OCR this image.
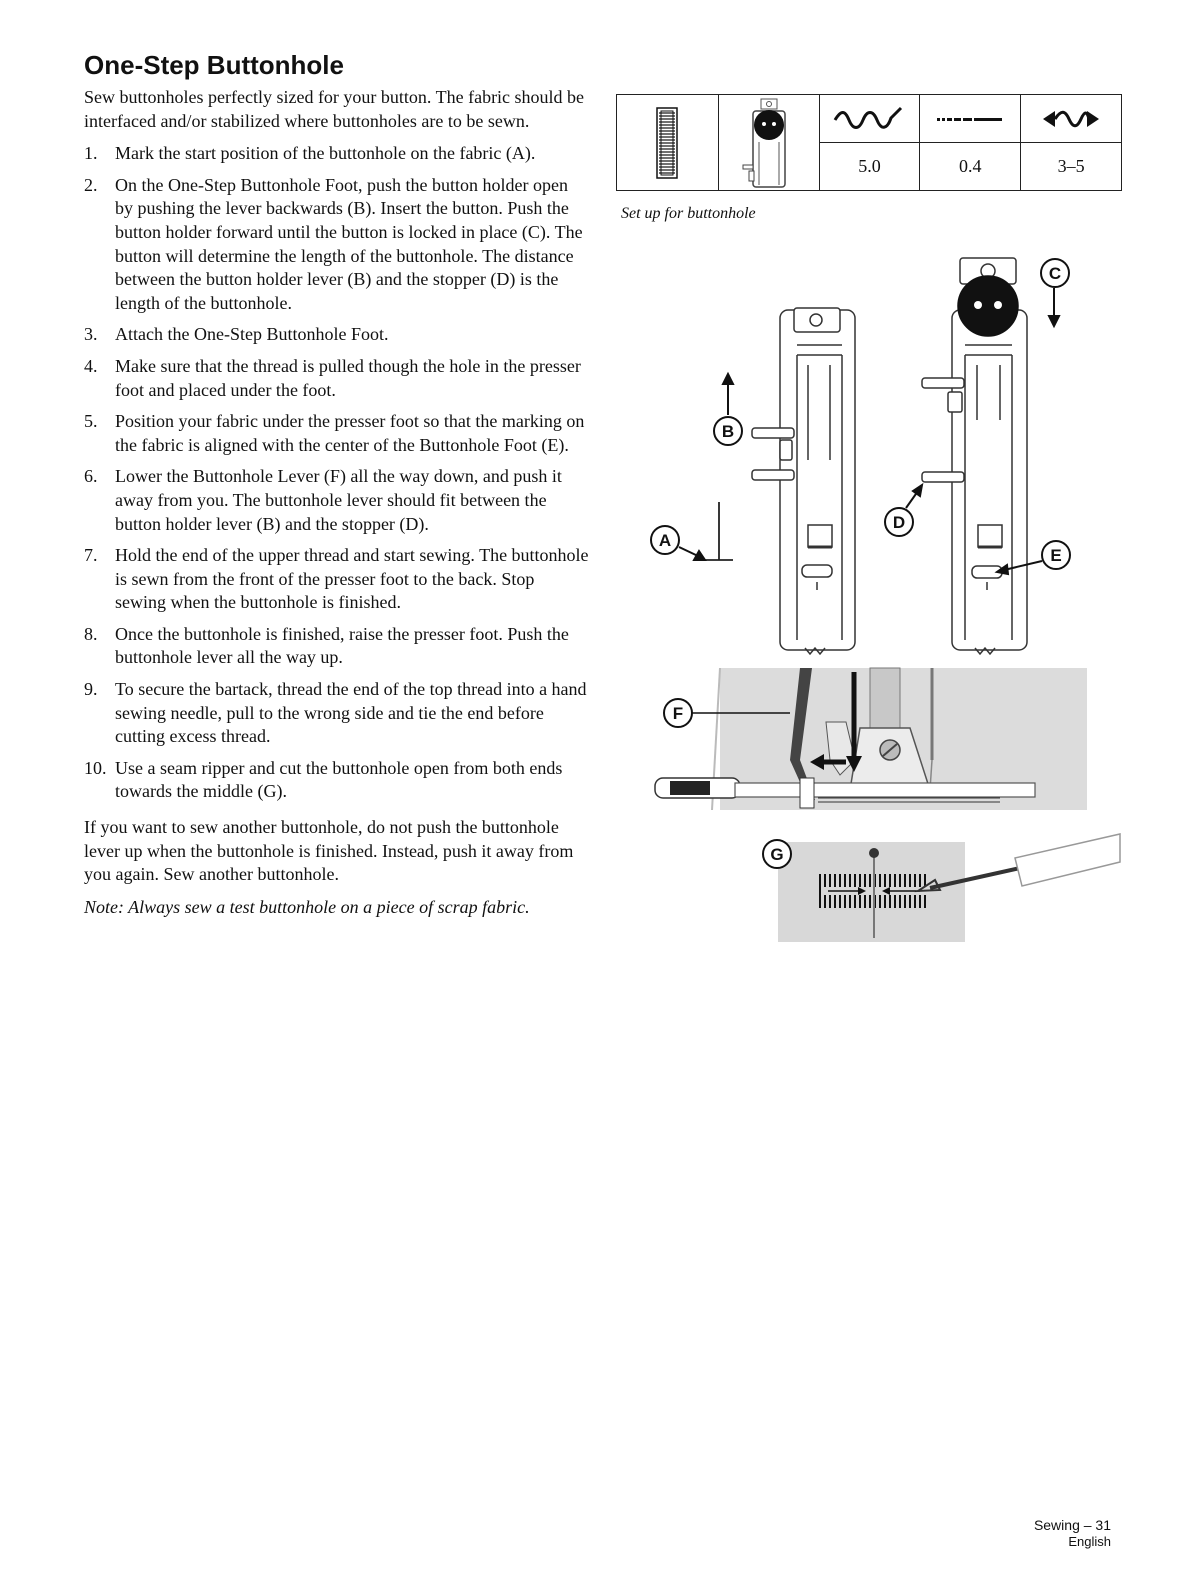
One-Step Buttonhole

Sew buttonholes perfectly sized for your button. The fabric should be interfaced and/or stabilized where buttonholes are to be sewn.

1. Mark the start position of the buttonhole on the fabric (A).
2. On the One-Step Buttonhole Foot, push the button holder open by pushing the lever backwards (B). Insert the button. Push the button holder forward until the button is locked in place (C). The button will determine the length of the buttonhole. The distance between the button holder lever (B) and the stopper (D) is the length of the buttonhole.
3. Attach the One-Step Buttonhole Foot.
4. Make sure that the thread is pulled though the hole in the presser foot and placed under the foot.
5. Position your fabric under the presser foot so that the marking on the fabric is aligned with the center of the Buttonhole Foot (E).
6. Lower the Buttonhole Lever (F) all the way down, and push it away from you. The buttonhole lever should fit between the button holder lever (B) and the stopper (D).
7. Hold the end of the upper thread and start sewing. The buttonhole is sewn from the front of the presser foot to the back. Stop sewing when the buttonhole is finished.
8. Once the buttonhole is finished, raise the presser foot. Push the buttonhole lever all the way up.
9. To secure the bartack, thread the end of the top thread into a hand sewing needle, pull to the wrong side and tie the end before cutting excess thread.
10. Use a seam ripper and cut the buttonhole open from both ends towards the middle (G).

If you want to sew another buttonhole, do not push the buttonhole lever up when the buttonhole is finished. Instead, push it away from you again. Sew another buttonhole.

Note: Always sew a test buttonhole on a piece of scrap fabric.

5.0	0.4	3–5
Set up for buttonhole
B
C
A
D
E
F
G
Sewing – 31
English
